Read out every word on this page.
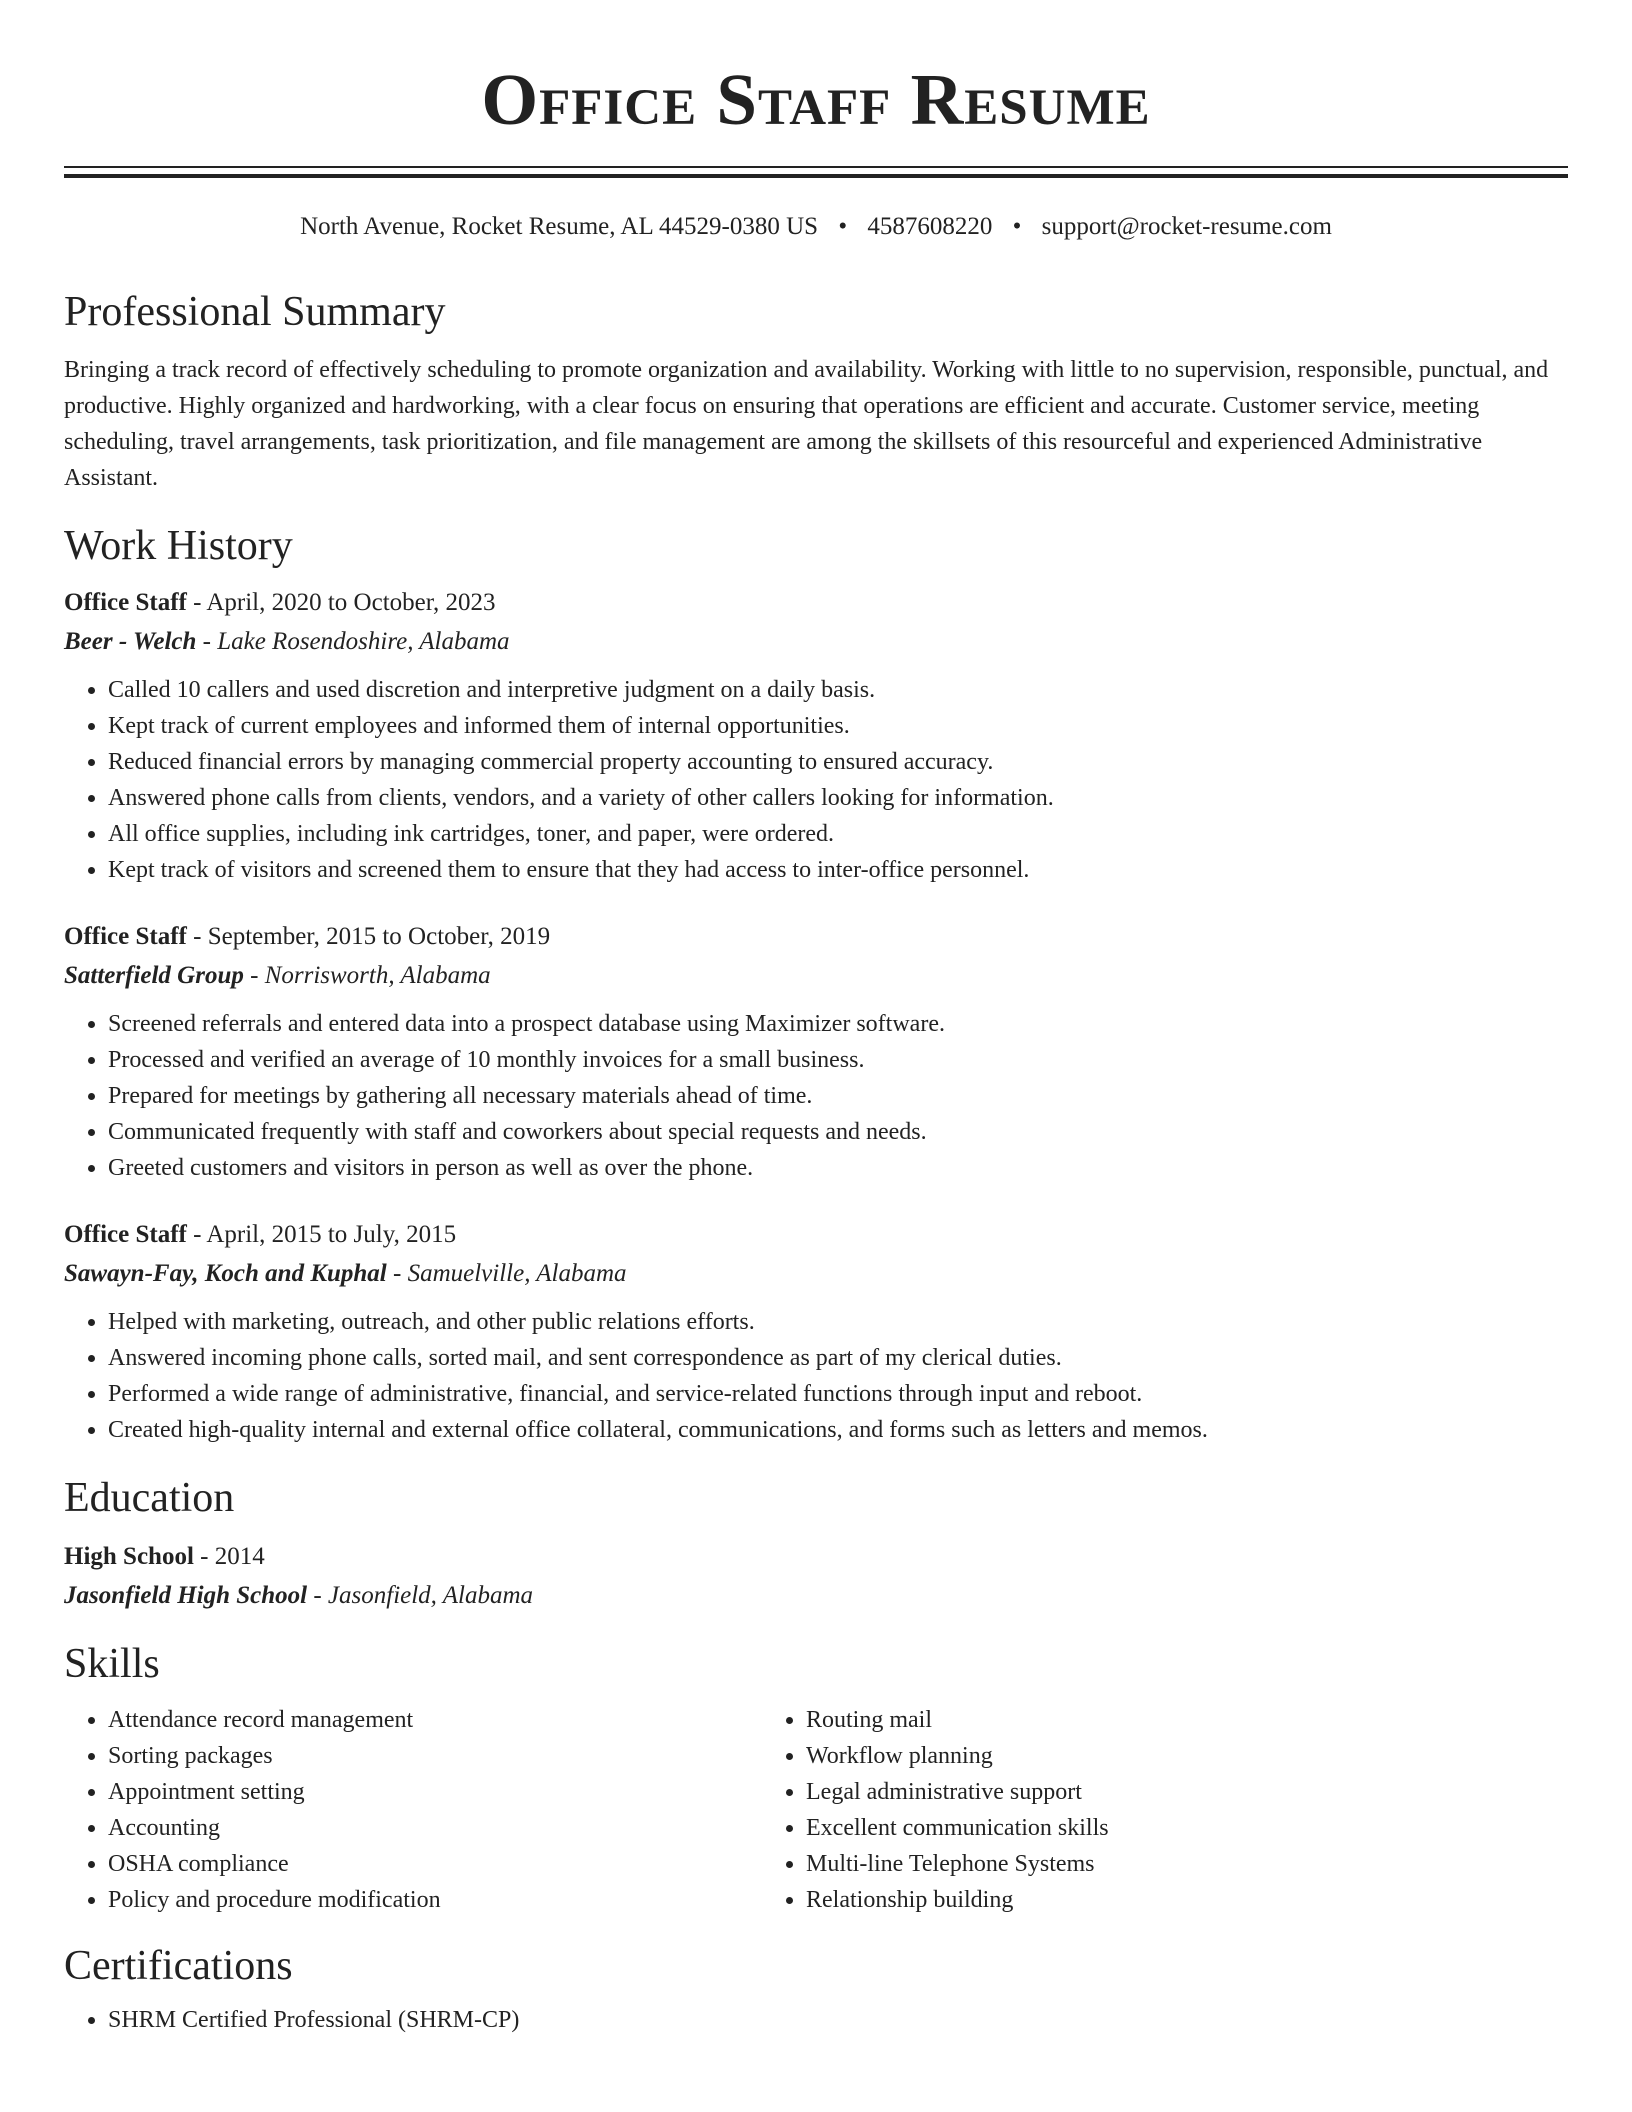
Office Staff Resume
North Avenue, Rocket Resume, AL 44529-0380 US • 4587608220 • support@rocket-resume.com
Professional Summary

Bringing a track record of effectively scheduling to promote organization and availability. Working with little to no supervision, responsible, punctual, and productive. Highly organized and hardworking, with a clear focus on ensuring that operations are efficient and accurate. Customer service, meeting scheduling, travel arrangements, task prioritization, and file management are among the skillsets of this resourceful and experienced Administrative Assistant.

Work History
Office Staff - April, 2020 to October, 2023
Beer - Welch - Lake Rosendoshire, Alabama
• Called 10 callers and used discretion and interpretive judgment on a daily basis.
• Kept track of current employees and informed them of internal opportunities.
• Reduced financial errors by managing commercial property accounting to ensured accuracy.
• Answered phone calls from clients, vendors, and a variety of other callers looking for information.
• All office supplies, including ink cartridges, toner, and paper, were ordered.
• Kept track of visitors and screened them to ensure that they had access to inter-office personnel.
Office Staff - September, 2015 to October, 2019
Satterfield Group - Norrisworth, Alabama
• Screened referrals and entered data into a prospect database using Maximizer software.
• Processed and verified an average of 10 monthly invoices for a small business.
• Prepared for meetings by gathering all necessary materials ahead of time.
• Communicated frequently with staff and coworkers about special requests and needs.
• Greeted customers and visitors in person as well as over the phone.
Office Staff - April, 2015 to July, 2015
Sawayn-Fay, Koch and Kuphal - Samuelville, Alabama
• Helped with marketing, outreach, and other public relations efforts.
• Answered incoming phone calls, sorted mail, and sent correspondence as part of my clerical duties.
• Performed a wide range of administrative, financial, and service-related functions through input and reboot.
• Created high-quality internal and external office collateral, communications, and forms such as letters and memos.
Education
High School - 2014
Jasonfield High School - Jasonfield, Alabama
Skills
• Attendance record management
• Sorting packages
• Appointment setting
• Accounting
• OSHA compliance
• Policy and procedure modification
• Routing mail
• Workflow planning
• Legal administrative support
• Excellent communication skills
• Multi-line Telephone Systems
• Relationship building
Certifications
• SHRM Certified Professional (SHRM-CP)
